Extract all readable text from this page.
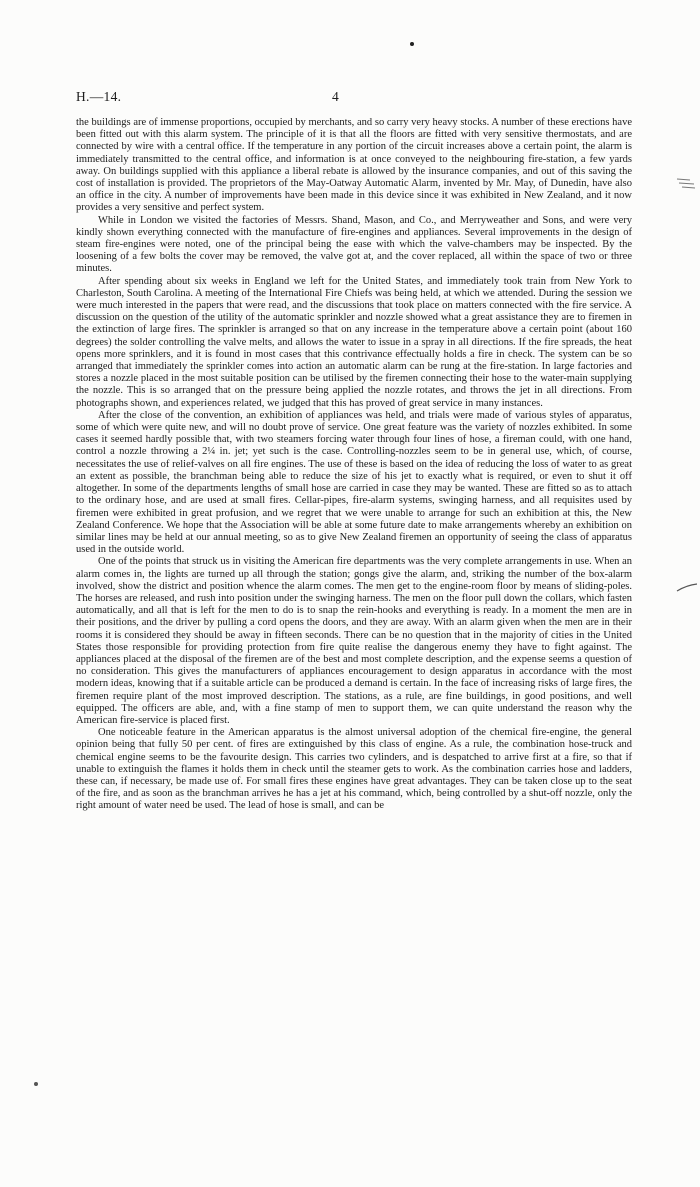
H.—14.	4

the buildings are of immense proportions, occupied by merchants, and so carry very heavy stocks. A number of these erections have been fitted out with this alarm system. The principle of it is that all the floors are fitted with very sensitive thermostats, and are connected by wire with a central office. If the temperature in any portion of the circuit increases above a certain point, the alarm is immediately transmitted to the central office, and information is at once conveyed to the neighbouring fire-station, a few yards away. On buildings supplied with this appliance a liberal rebate is allowed by the insurance companies, and out of this saving the cost of installation is provided. The proprietors of the May-Oatway Automatic Alarm, invented by Mr. May, of Dunedin, have also an office in the city. A number of improvements have been made in this device since it was exhibited in New Zealand, and it now provides a very sensitive and perfect system.

While in London we visited the factories of Messrs. Shand, Mason, and Co., and Merryweather and Sons, and were very kindly shown everything connected with the manufacture of fire-engines and appliances. Several improvements in the design of steam fire-engines were noted, one of the principal being the ease with which the valve-chambers may be inspected. By the loosening of a few bolts the cover may be removed, the valve got at, and the cover replaced, all within the space of two or three minutes.

After spending about six weeks in England we left for the United States, and immediately took train from New York to Charleston, South Carolina. A meeting of the International Fire Chiefs was being held, at which we attended. During the session we were much interested in the papers that were read, and the discussions that took place on matters connected with the fire service. A discussion on the question of the utility of the automatic sprinkler and nozzle showed what a great assistance they are to firemen in the extinction of large fires. The sprinkler is arranged so that on any increase in the temperature above a certain point (about 160 degrees) the solder controlling the valve melts, and allows the water to issue in a spray in all directions. If the fire spreads, the heat opens more sprinklers, and it is found in most cases that this contrivance effectually holds a fire in check. The system can be so arranged that immediately the sprinkler comes into action an automatic alarm can be rung at the fire-station. In large factories and stores a nozzle placed in the most suitable position can be utilised by the firemen connecting their hose to the water-main supplying the nozzle. This is so arranged that on the pressure being applied the nozzle rotates, and throws the jet in all directions. From photographs shown, and experiences related, we judged that this has proved of great service in many instances.

After the close of the convention, an exhibition of appliances was held, and trials were made of various styles of apparatus, some of which were quite new, and will no doubt prove of service. One great feature was the variety of nozzles exhibited. In some cases it seemed hardly possible that, with two steamers forcing water through four lines of hose, a fireman could, with one hand, control a nozzle throwing a 2¼ in. jet; yet such is the case. Controlling-nozzles seem to be in general use, which, of course, necessitates the use of relief-valves on all fire engines. The use of these is based on the idea of reducing the loss of water to as great an extent as possible, the branchman being able to reduce the size of his jet to exactly what is required, or even to shut it off altogether. In some of the departments lengths of small hose are carried in case they may be wanted. These are fitted so as to attach to the ordinary hose, and are used at small fires. Cellar-pipes, fire-alarm systems, swinging harness, and all requisites used by firemen were exhibited in great profusion, and we regret that we were unable to arrange for such an exhibition at this, the New Zealand Conference. We hope that the Association will be able at some future date to make arrangements whereby an exhibition on similar lines may be held at our annual meeting, so as to give New Zealand firemen an opportunity of seeing the class of apparatus used in the outside world.

One of the points that struck us in visiting the American fire departments was the very complete arrangements in use. When an alarm comes in, the lights are turned up all through the station; gongs give the alarm, and, striking the number of the box-alarm involved, show the district and position whence the alarm comes. The men get to the engine-room floor by means of sliding-poles. The horses are released, and rush into position under the swinging harness. The men on the floor pull down the collars, which fasten automatically, and all that is left for the men to do is to snap the rein-hooks and everything is ready. In a moment the men are in their positions, and the driver by pulling a cord opens the doors, and they are away. With an alarm given when the men are in their rooms it is considered they should be away in fifteen seconds. There can be no question that in the majority of cities in the United States those responsible for providing protection from fire quite realise the dangerous enemy they have to fight against. The appliances placed at the disposal of the firemen are of the best and most complete description, and the expense seems a question of no consideration. This gives the manufacturers of appliances encouragement to design apparatus in accordance with the most modern ideas, knowing that if a suitable article can be produced a demand is certain. In the face of increasing risks of large fires, the firemen require plant of the most improved description. The stations, as a rule, are fine buildings, in good positions, and well equipped. The officers are able, and, with a fine stamp of men to support them, we can quite understand the reason why the American fire-service is placed first.

One noticeable feature in the American apparatus is the almost universal adoption of the chemical fire-engine, the general opinion being that fully 50 per cent. of fires are extinguished by this class of engine. As a rule, the combination hose-truck and chemical engine seems to be the favourite design. This carries two cylinders, and is despatched to arrive first at a fire, so that if unable to extinguish the flames it holds them in check until the steamer gets to work. As the combination carries hose and ladders, these can, if necessary, be made use of. For small fires these engines have great advantages. They can be taken close up to the seat of the fire, and as soon as the branchman arrives he has a jet at his command, which, being controlled by a shut-off nozzle, only the right amount of water need be used. The lead of hose is small, and can be
